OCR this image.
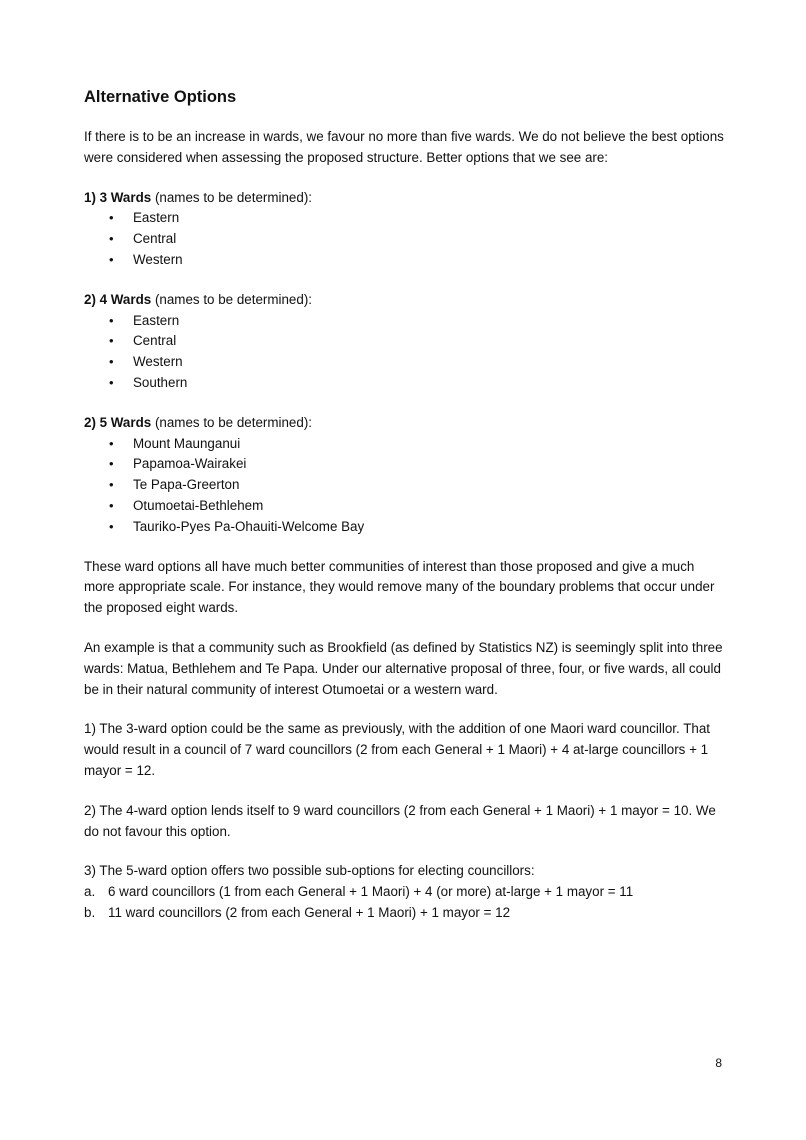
Alternative Options

If there is to be an increase in wards, we favour no more than five wards. We do not believe the best options were considered when assessing the proposed structure. Better options that we see are:

1) 3 Wards (names to be determined):
• Eastern
• Central
• Western
2) 4 Wards (names to be determined):
• Eastern
• Central
• Western
• Southern
2) 5 Wards (names to be determined):
• Mount Maunganui
• Papamoa-Wairakei
• Te Papa-Greerton
• Otumoetai-Bethlehem
• Tauriko-Pyes Pa-Ohauiti-Welcome Bay

These ward options all have much better communities of interest than those proposed and give a much more appropriate scale. For instance, they would remove many of the boundary problems that occur under the proposed eight wards.

An example is that a community such as Brookfield (as defined by Statistics NZ) is seemingly split into three wards: Matua, Bethlehem and Te Papa. Under our alternative proposal of three, four, or five wards, all could be in their natural community of interest Otumoetai or a western ward.

1) The 3-ward option could be the same as previously, with the addition of one Maori ward councillor. That would result in a council of 7 ward councillors (2 from each General + 1 Maori) + 4 at-large councillors + 1 mayor = 12.

2) The 4-ward option lends itself to 9 ward councillors (2 from each General + 1 Maori) + 1 mayor = 10. We do not favour this option.

3) The 5-ward option offers two possible sub-options for electing councillors:
a. 6 ward councillors (1 from each General + 1 Maori) + 4 (or more) at-large + 1 mayor = 11
b. 11 ward councillors (2 from each General + 1 Maori) + 1 mayor = 12
8
